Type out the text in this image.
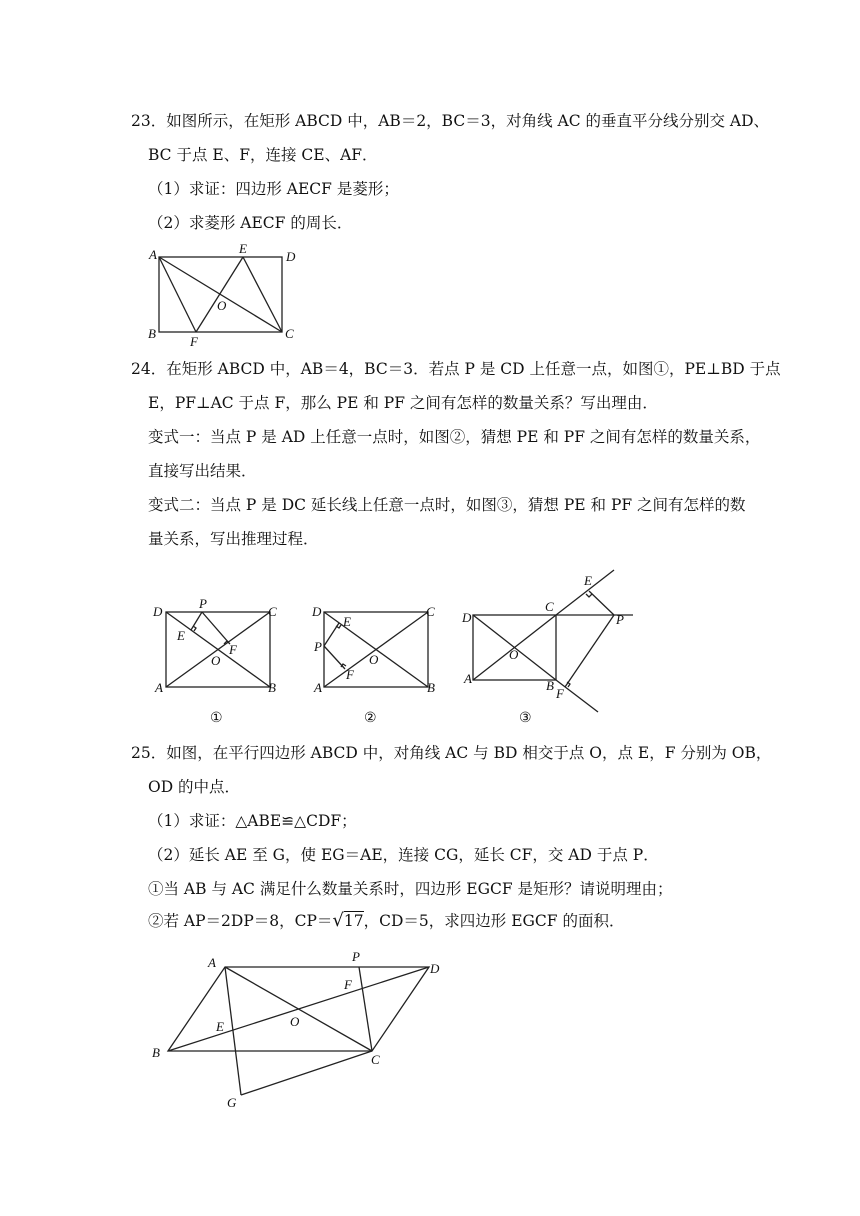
23．如图所示，在矩形 ABCD 中，AB＝2，BC＝3，对角线 AC 的垂直平分线分别交 AD、
BC 于点 E、F，连接 CE、AF．
（1）求证：四边形 AECF 是菱形；
（2）求菱形 AECF 的周长．
A
B	C
D
E
F
O
24．在矩形 ABCD 中，AB＝4，BC＝3．若点 P 是 CD 上任意一点，如图①，PE⊥BD 于点
E，PF⊥AC 于点 F，那么 PE 和 PF 之间有怎样的数量关系？写出理由．
变式一：当点 P 是 AD 上任意一点时，如图②，猜想 PE 和 PF 之间有怎样的数量关系，
直接写出结果．
变式二：当点 P 是 DC 延长线上任意一点时，如图③，猜想 PE 和 PF 之间有怎样的数
量关系，写出推理过程．
D
P
C
E
F
O
A	B
①
D
E
C
P
O
F
A	B
②
D
C
E
P
O
A	B
F
③
25．如图，在平行四边形 ABCD 中，对角线 AC 与 BD 相交于点 O，点 E，F 分别为 OB，
OD 的中点．
（1）求证：△ABE≌△CDF；
（2）延长 AE 至 G，使 EG＝AE，连接 CG，延长 CF，交 AD 于点 P．
①当 AB 与 AC 满足什么数量关系时，四边形 EGCF 是矩形？请说明理由；
②若 AP＝2DP＝8，CP＝√17，CD＝5，求四边形 EGCF 的面积．
A	P
D
F
O
E
B	C
G
